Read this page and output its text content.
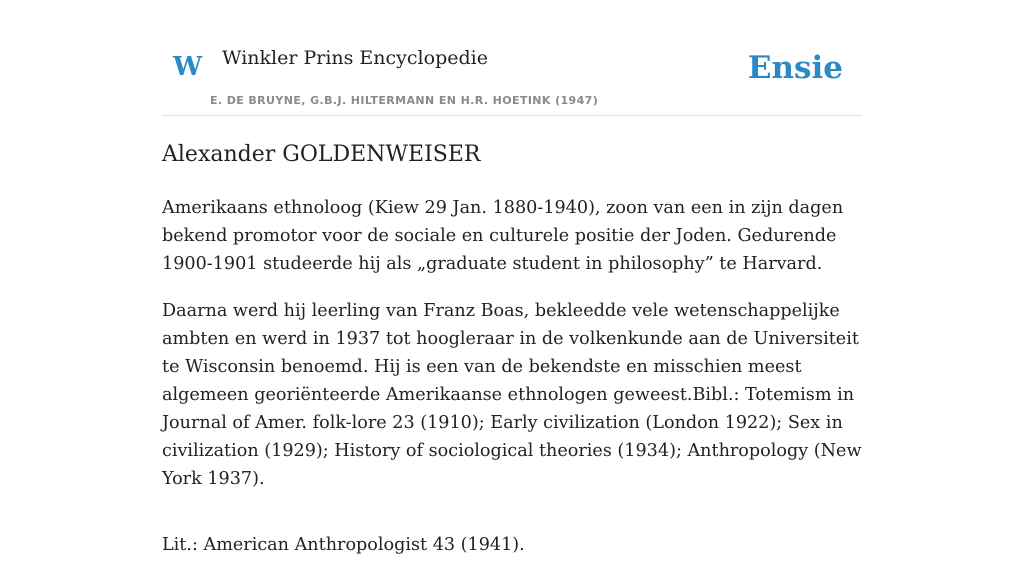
W Winkler Prins Encyclopedie
E. DE BRUYNE, G.B.J. HILTERMANN EN H.R. HOETINK (1947)
Ensie
Alexander GOLDENWEISER

Amerikaans ethnoloog (Kiew 29 Jan. 1880-1940), zoon van een in zijn dagen bekend promotor voor de sociale en culturele positie der Joden. Gedurende 1900-1901 studeerde hij als „graduate student in philosophy” te Harvard.

Daarna werd hij leerling van Franz Boas, bekleedde vele wetenschappelijke ambten en werd in 1937 tot hoogleraar in de volkenkunde aan de Universiteit te Wisconsin benoemd. Hij is een van de bekendste en misschien meest algemeen georiënteerde Amerikaanse ethnologen geweest.Bibl.: Totemism in Journal of Amer. folk-lore 23 (1910); Early civilization (London 1922); Sex in civilization (1929); History of sociological theories (1934); Anthropology (New York 1937).

Lit.: American Anthropologist 43 (1941).
